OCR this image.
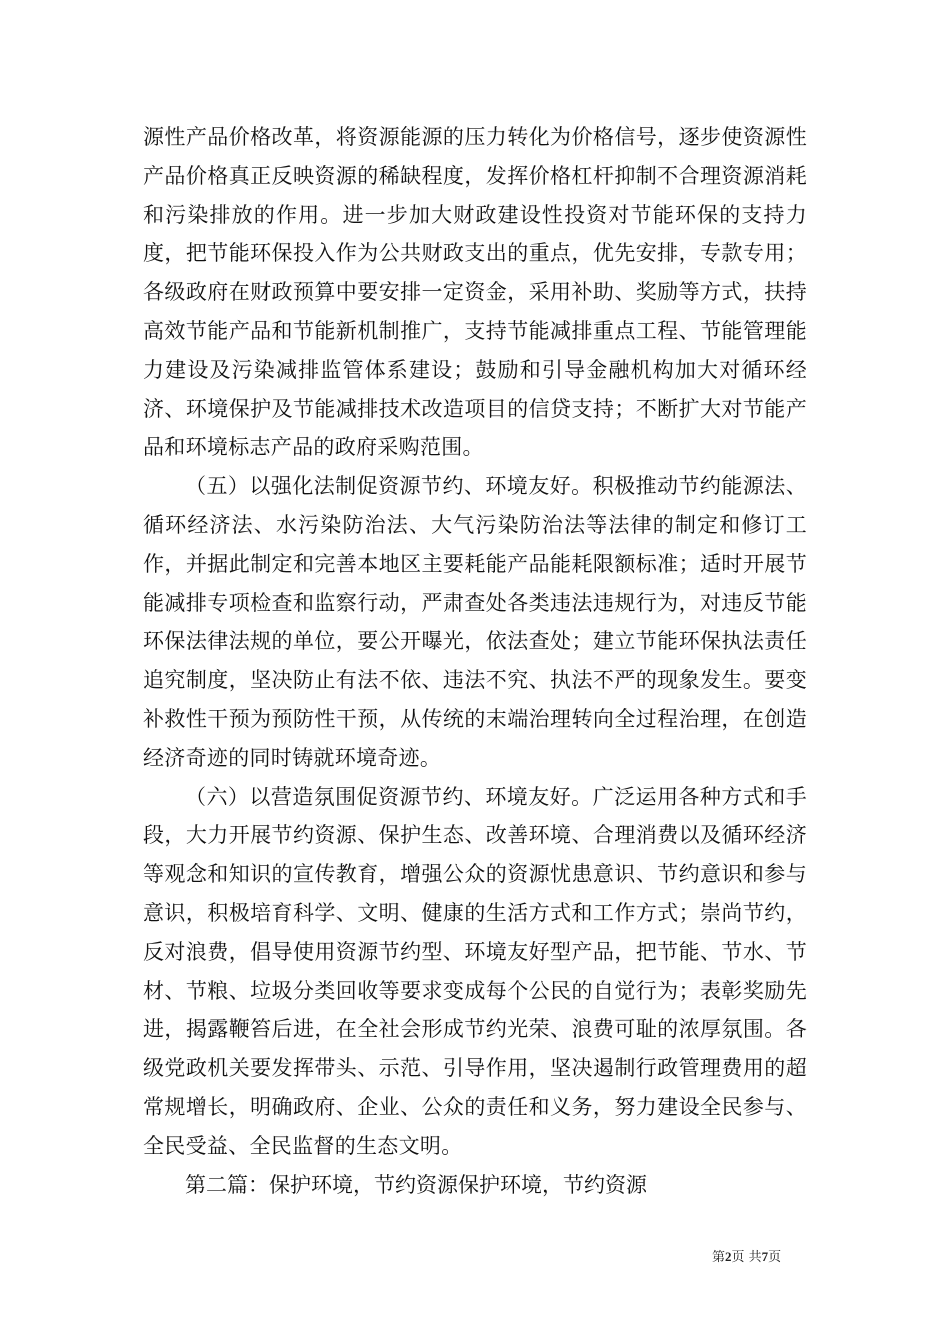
源性产品价格改革，将资源能源的压力转化为价格信号，逐步使资源性产品价格真正反映资源的稀缺程度，发挥价格杠杆抑制不合理资源消耗和污染排放的作用。进一步加大财政建设性投资对节能环保的支持力度，把节能环保投入作为公共财政支出的重点，优先安排，专款专用；各级政府在财政预算中要安排一定资金，采用补助、奖励等方式，扶持高效节能产品和节能新机制推广，支持节能减排重点工程、节能管理能力建设及污染减排监管体系建设；鼓励和引导金融机构加大对循环经济、环境保护及节能减排技术改造项目的信贷支持；不断扩大对节能产品和环境标志产品的政府采购范围。

（五）以强化法制促资源节约、环境友好。积极推动节约能源法、循环经济法、水污染防治法、大气污染防治法等法律的制定和修订工作，并据此制定和完善本地区主要耗能产品能耗限额标准；适时开展节能减排专项检查和监察行动，严肃查处各类违法违规行为，对违反节能环保法律法规的单位，要公开曝光，依法查处；建立节能环保执法责任追究制度，坚决防止有法不依、违法不究、执法不严的现象发生。要变补救性干预为预防性干预，从传统的末端治理转向全过程治理，在创造经济奇迹的同时铸就环境奇迹。

（六）以营造氛围促资源节约、环境友好。广泛运用各种方式和手段，大力开展节约资源、保护生态、改善环境、合理消费以及循环经济等观念和知识的宣传教育，增强公众的资源忧患意识、节约意识和参与意识，积极培育科学、文明、健康的生活方式和工作方式；崇尚节约，反对浪费，倡导使用资源节约型、环境友好型产品，把节能、节水、节材、节粮、垃圾分类回收等要求变成每个公民的自觉行为；表彰奖励先进，揭露鞭笞后进，在全社会形成节约光荣、浪费可耻的浓厚氛围。各级党政机关要发挥带头、示范、引导作用，坚决遏制行政管理费用的超常规增长，明确政府、企业、公众的责任和义务，努力建设全民参与、全民受益、全民监督的生态文明。

第二篇：保护环境，节约资源保护环境，节约资源

第2页 共7页
